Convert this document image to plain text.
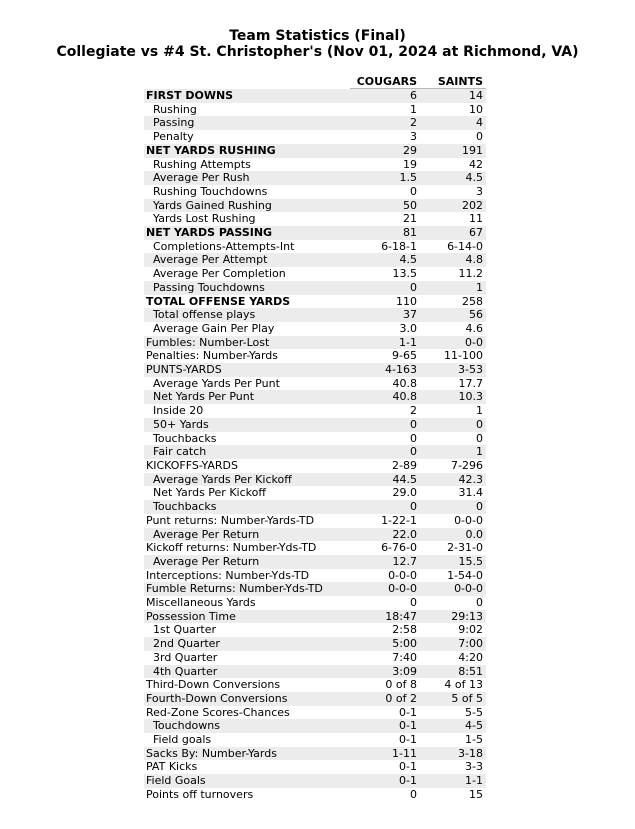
Team Statistics (Final)
Collegiate vs #4 St. Christopher's (Nov 01, 2024 at Richmond, VA)
	COUGARS	SAINTS
FIRST DOWNS	6	14
Rushing	1	10
Passing	2	4
Penalty	3	0
NET YARDS RUSHING	29	191
Rushing Attempts	19	42
Average Per Rush	1.5	4.5
Rushing Touchdowns	0	3
Yards Gained Rushing	50	202
Yards Lost Rushing	21	11
NET YARDS PASSING	81	67
Completions-Attempts-Int	6-18-1	6-14-0
Average Per Attempt	4.5	4.8
Average Per Completion	13.5	11.2
Passing Touchdowns	0	1
TOTAL OFFENSE YARDS	110	258
Total offense plays	37	56
Average Gain Per Play	3.0	4.6
Fumbles: Number-Lost	1-1	0-0
Penalties: Number-Yards	9-65	11-100
PUNTS-YARDS	4-163	3-53
Average Yards Per Punt	40.8	17.7
Net Yards Per Punt	40.8	10.3
Inside 20	2	1
50+ Yards	0	0
Touchbacks	0	0
Fair catch	0	1
KICKOFFS-YARDS	2-89	7-296
Average Yards Per Kickoff	44.5	42.3
Net Yards Per Kickoff	29.0	31.4
Touchbacks	0	0
Punt returns: Number-Yards-TD	1-22-1	0-0-0
Average Per Return	22.0	0.0
Kickoff returns: Number-Yds-TD	6-76-0	2-31-0
Average Per Return	12.7	15.5
Interceptions: Number-Yds-TD	0-0-0	1-54-0
Fumble Returns: Number-Yds-TD	0-0-0	0-0-0
Miscellaneous Yards	0	0
Possession Time	18:47	29:13
1st Quarter	2:58	9:02
2nd Quarter	5:00	7:00
3rd Quarter	7:40	4:20
4th Quarter	3:09	8:51
Third-Down Conversions	0 of 8	4 of 13
Fourth-Down Conversions	0 of 2	5 of 5
Red-Zone Scores-Chances	0-1	5-5
Touchdowns	0-1	4-5
Field goals	0-1	1-5
Sacks By: Number-Yards	1-11	3-18
PAT Kicks	0-1	3-3
Field Goals	0-1	1-1
Points off turnovers	0	15
